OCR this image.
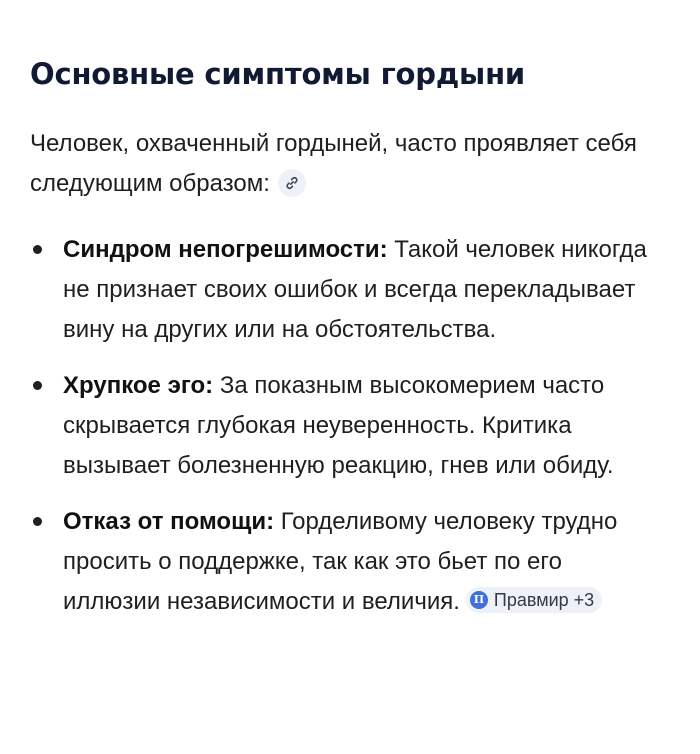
Основные симптомы гордыни
Человек, охваченный гордыней, часто проявляет себя следующим образом:
Синдром непогрешимости: Такой человек никогда не признает своих ошибок и всегда перекладывает вину на других или на обстоятельства.
Хрупкое эго: За показным высокомерием часто скрывается глубокая неуверенность. Критика вызывает болезненную реакцию, гнев или обиду.
Отказ от помощи: Горделивому человеку трудно просить о поддержке, так как это бьет по его иллюзии независимости и величия.	П Правмир +3
